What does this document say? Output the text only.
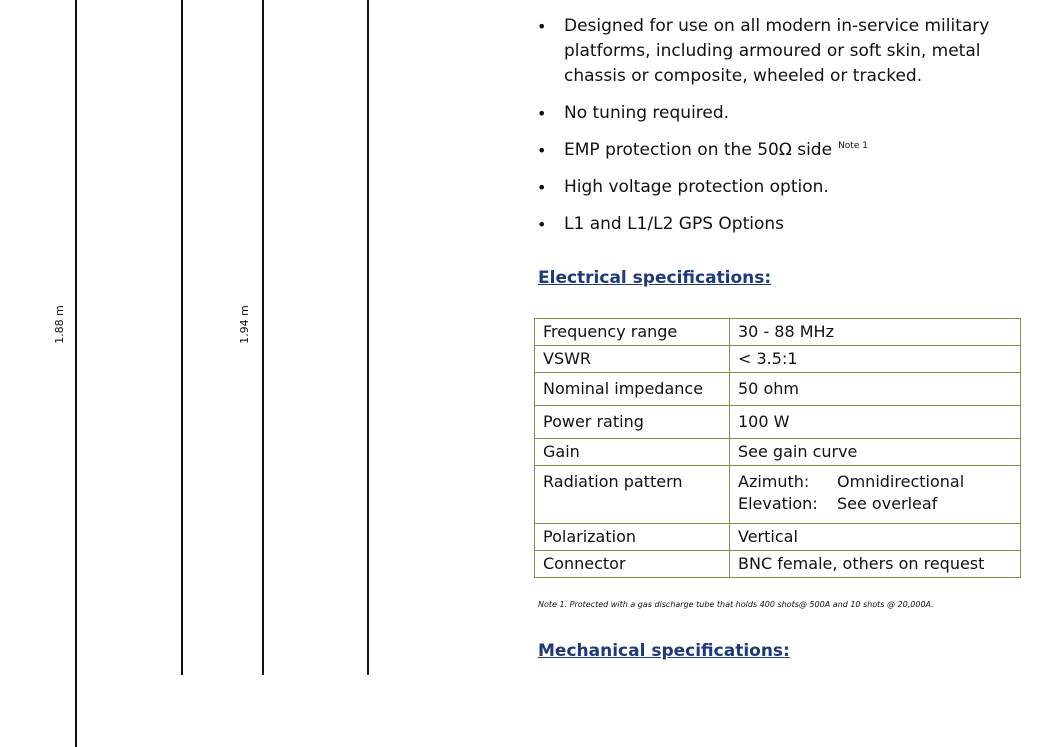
1.88 m	1.94 m
• Designed for use on all modern in-service military platforms, including armoured or soft skin, metal chassis or composite, wheeled or tracked.
• No tuning required.
• EMP protection on the 50Ω side $^{Note 1}$
• High voltage protection option.
• L1 and L1/L2 GPS Options
Electrical specifications:
Frequency range	30 - 88 MHz
VSWR	< 3.5:1
Nominal impedance	50 ohm
Power rating	100 W
Gain	See gain curve
Radiation pattern	Azimuth: Omnidirectional
Elevation: See overleaf

Polarization	Vertical
Connector	BNC female, others on request
Note 1. Protected with a gas discharge tube that holds 400 shots@ 500A and 10 shots @ 20,000A.
Mechanical specifications:
